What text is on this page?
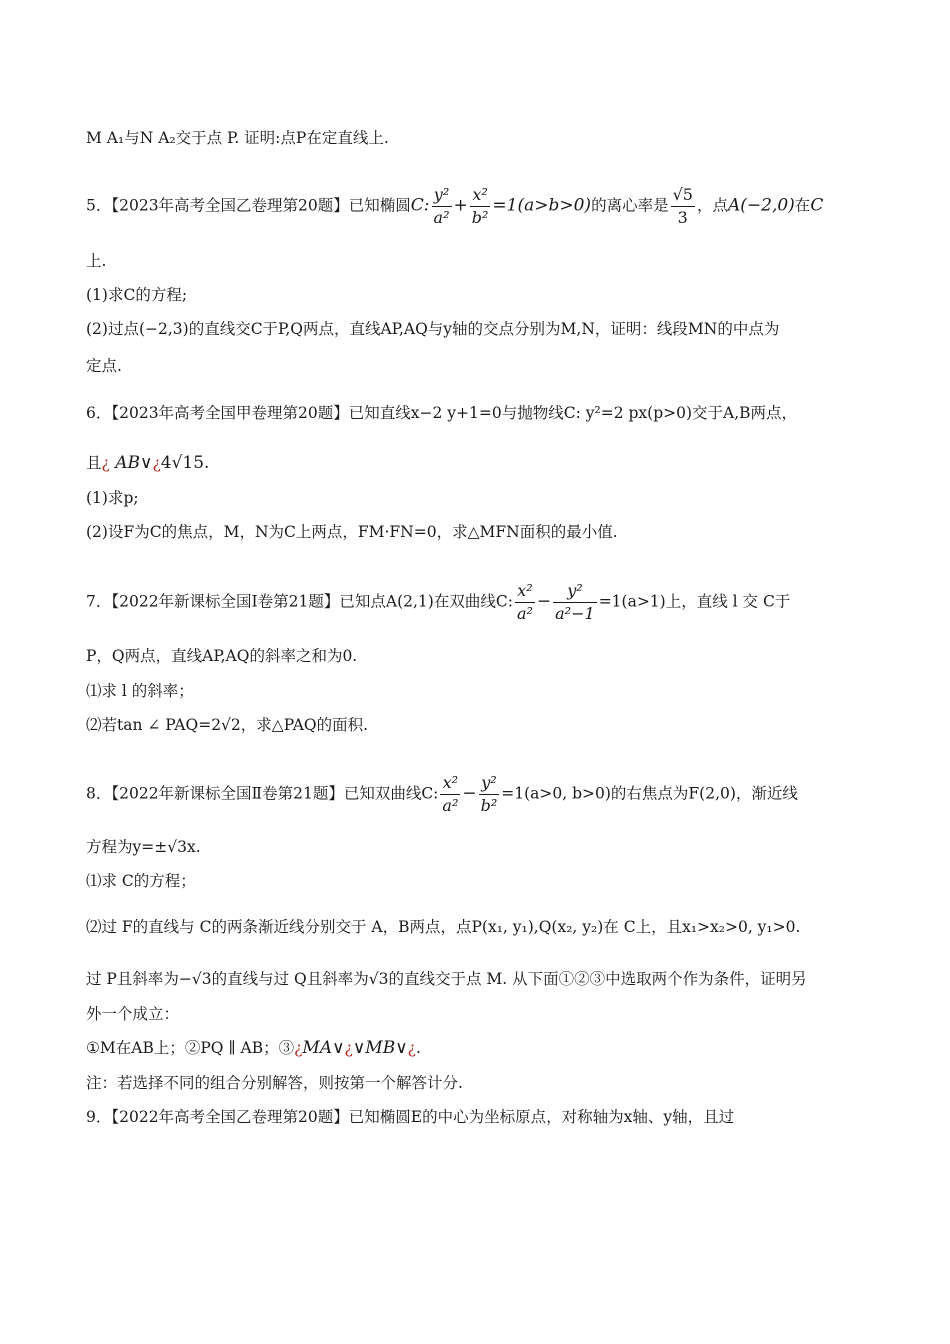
M A₁与N A₂交于点 P. 证明:点P在定直线上.
5．【2023年高考全国乙卷理第20题】已知椭圆C: $\frac{\text{y²}}{\text{a²}} + \frac{\text{x²}}{\text{b²}} =1(a>b>0)$的离心率是 $\frac{√5}{3}$ ，点A(−2,0)在C
上.
(1)求C的方程;
(2)过点(−2,3)的直线交C于P,Q两点，直线AP,AQ与y轴的交点分别为M,N，证明：线段MN的中点为
定点.
6．【2023年高考全国甲卷理第20题】已知直线x−2 y+1=0与抛物线C: y²=2 px(p>0)交于A,B两点，
且¿ AB∨¿4√15.
(1)求p;
(2)设F为C的焦点，M，N为C上两点，FM·FN=0，求△MFN面积的最小值.
7．【2022年新课标全国Ⅰ卷第21题】已知点A(2,1)在双曲线C: $\frac{\text{x²}}{\text{a²}} - \frac{\text{y²}}{\text{a²−1}} =1(a>1)$上，直线 l 交 C于
P，Q两点，直线AP,AQ的斜率之和为0.
⑴求 l 的斜率；
⑵若tan ∠ PAQ=2√2，求△PAQ的面积.
8．【2022年新课标全国Ⅱ卷第21题】已知双曲线C: $\frac{\text{x²}}{\text{a²}} - \frac{\text{y²}}{\text{b²}} =1(a>0$, b>0)的右焦点为F(2,0)，渐近线
方程为y=±√3x.
⑴求 C的方程；
⑵过 F的直线与 C的两条渐近线分别交于 A，B两点，点P(x₁, y₁),Q(x₂, y₂)在 C上，且x₁>x₂>0, y₁>0.
过 P且斜率为−√3的直线与过 Q且斜率为√3的直线交于点 M. 从下面①②③中选取两个作为条件，证明另
外一个成立：
①M在AB上；②PQ ∥ AB；③¿MA∨¿∨MB∨¿.
注：若选择不同的组合分别解答，则按第一个解答计分.
9．【2022年高考全国乙卷理第20题】已知椭圆E的中心为坐标原点，对称轴为x轴、y轴，且过
